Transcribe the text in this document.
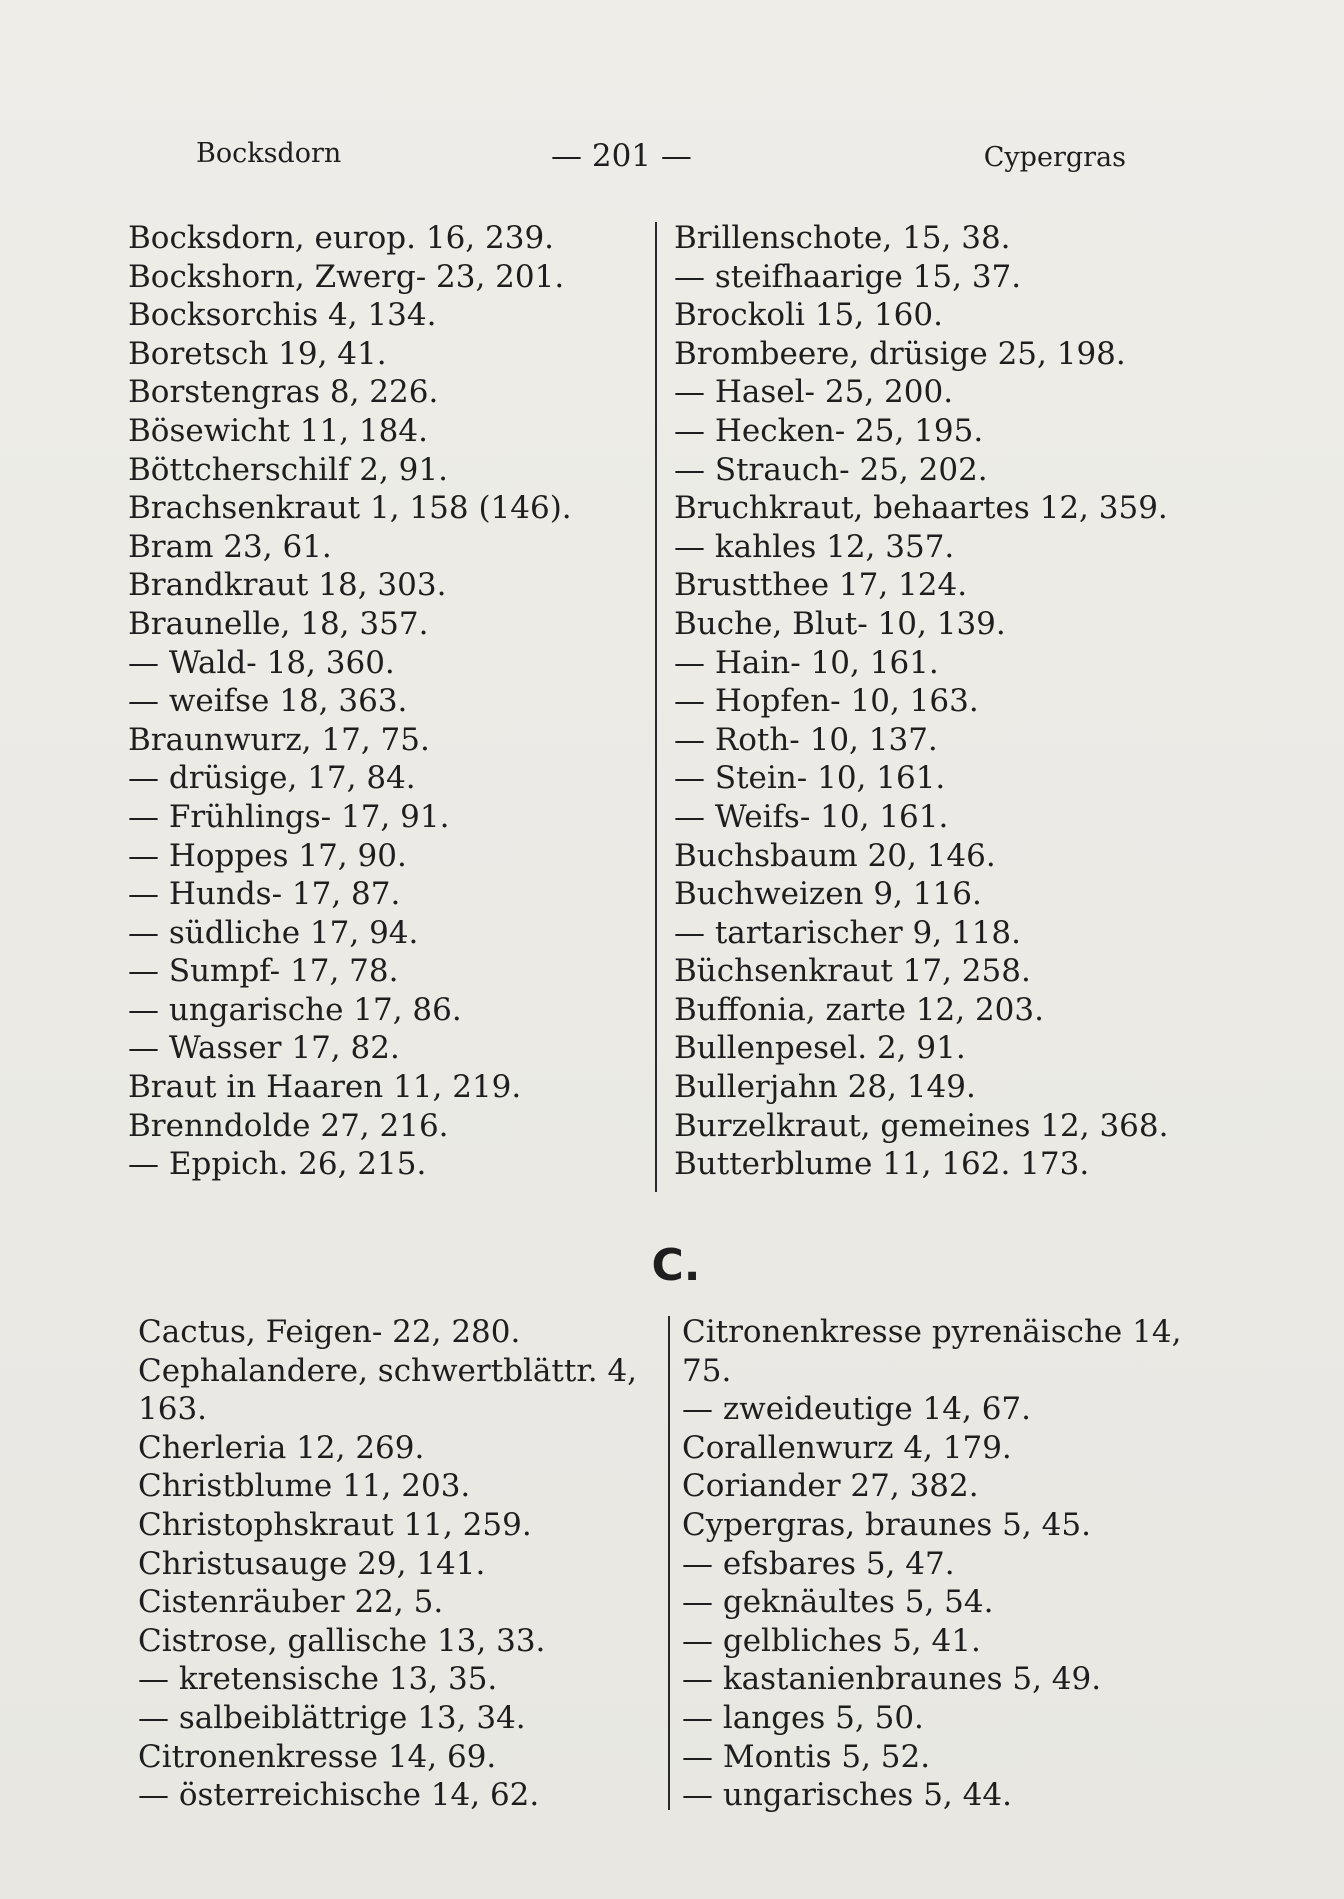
Bocksdorn	— 201 —	Cypergras
Bocksdorn, europ. 16, 239.
Bockshorn, Zwerg- 23, 201.
Bocksorchis 4, 134.
Boretsch 19, 41.
Borstengras 8, 226.
Bösewicht 11, 184.
Böttcherschilf 2, 91.
Brachsenkraut 1, 158 (146).
Bram 23, 61.
Brandkraut 18, 303.
Braunelle, 18, 357.
— Wald- 18, 360.
— weifse 18, 363.
Braunwurz, 17, 75.
— drüsige, 17, 84.
— Frühlings- 17, 91.
— Hoppes 17, 90.
— Hunds- 17, 87.
— südliche 17, 94.
— Sumpf- 17, 78.
— ungarische 17, 86.
— Wasser 17, 82.
Braut in Haaren 11, 219.
Brenndolde 27, 216.
— Eppich. 26, 215.
Brillenschote, 15, 38.
— steifhaarige 15, 37.
Brockoli 15, 160.
Brombeere, drüsige 25, 198.
— Hasel- 25, 200.
— Hecken- 25, 195.
— Strauch- 25, 202.
Bruchkraut, behaartes 12, 359.
— kahles 12, 357.
Brustthee 17, 124.
Buche, Blut- 10, 139.
— Hain- 10, 161.
— Hopfen- 10, 163.
— Roth- 10, 137.
— Stein- 10, 161.
— Weifs- 10, 161.
Buchsbaum 20, 146.
Buchweizen 9, 116.
— tartarischer 9, 118.
Büchsenkraut 17, 258.
Buffonia, zarte 12, 203.
Bullenpesel. 2, 91.
Bullerjahn 28, 149.
Burzelkraut, gemeines 12, 368.
Butterblume 11, 162. 173.
C.
Cactus, Feigen- 22, 280.
Cephalandere, schwertblättr. 4,
163.
Cherleria 12, 269.
Christblume 11, 203.
Christophskraut 11, 259.
Christusauge 29, 141.
Cistenräuber 22, 5.
Cistrose, gallische 13, 33.
— kretensische 13, 35.
— salbeiblättrige 13, 34.
Citronenkresse 14, 69.
— österreichische 14, 62.
Citronenkresse pyrenäische 14,
75.
— zweideutige 14, 67.
Corallenwurz 4, 179.
Coriander 27, 382.
Cypergras, braunes 5, 45.
— efsbares 5, 47.
— geknäultes 5, 54.
— gelbliches 5, 41.
— kastanienbraunes 5, 49.
— langes 5, 50.
— Montis 5, 52.
— ungarisches 5, 44.
